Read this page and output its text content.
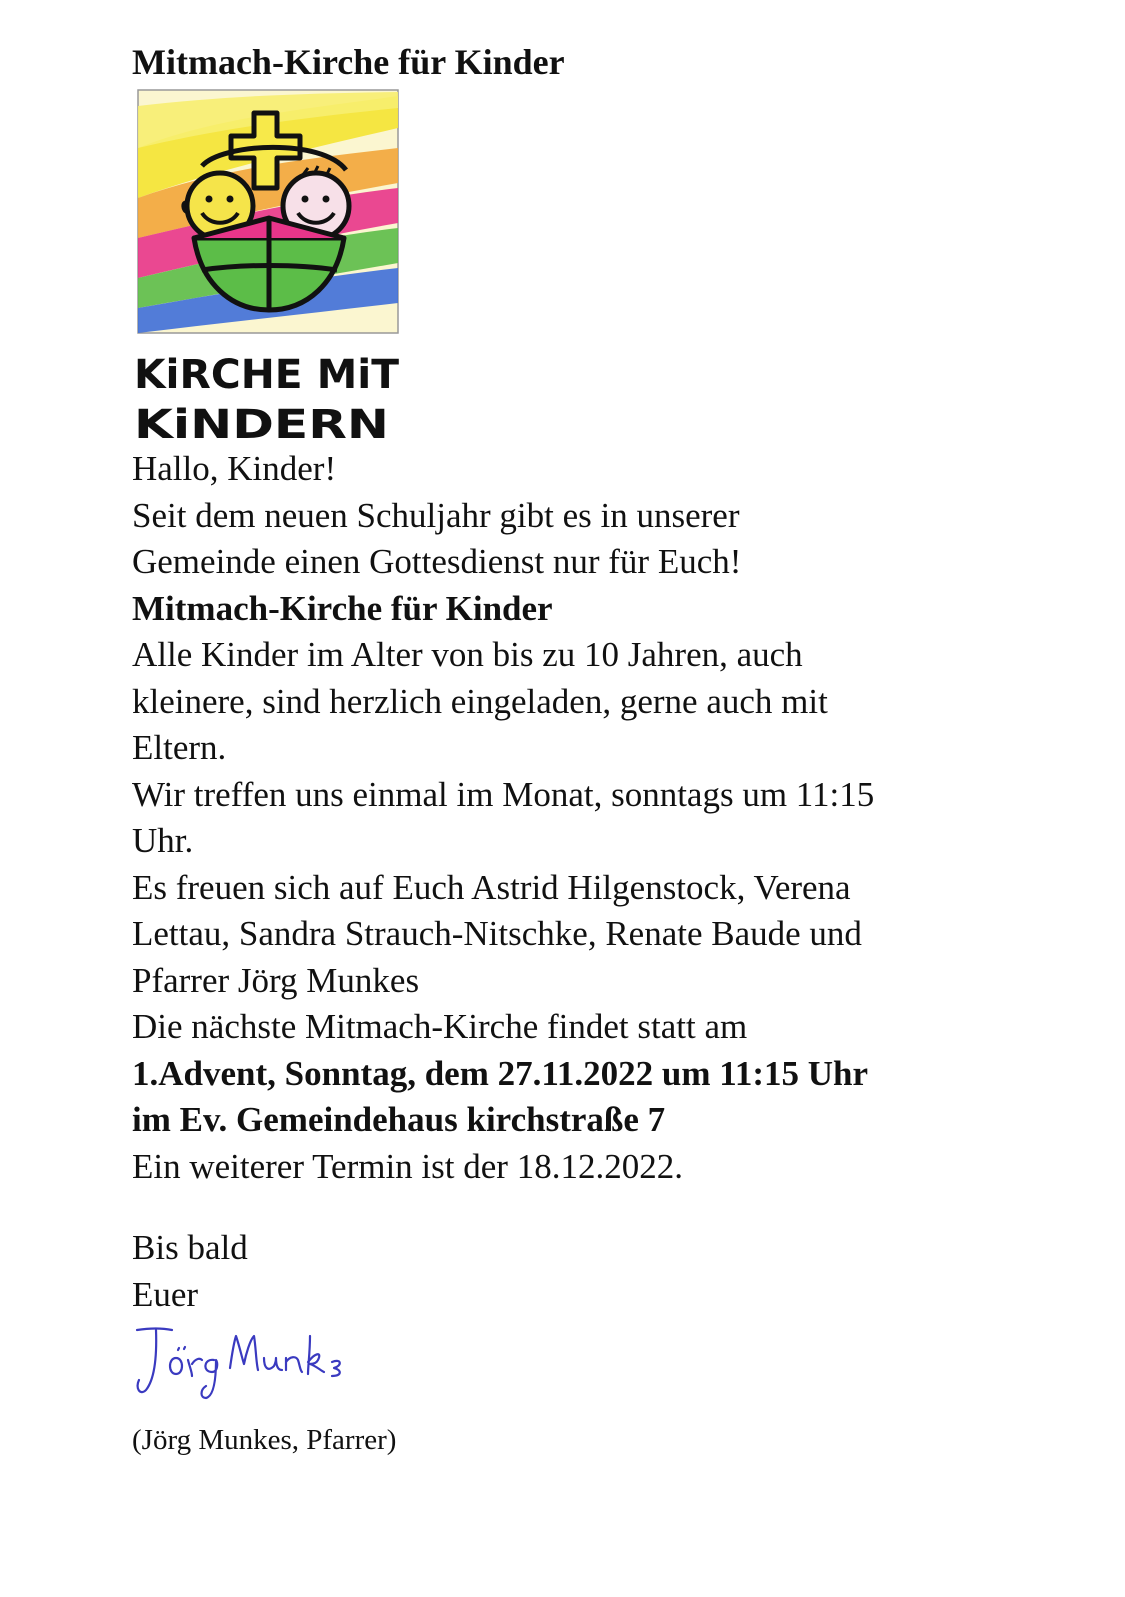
Mitmach-Kirche für Kinder
KiRCHE MiT
KiNDERN

Hallo, Kinder!

Seit dem neuen Schuljahr gibt es in unserer

Gemeinde einen Gottesdienst nur für Euch!

Mitmach-Kirche für Kinder

Alle Kinder im Alter von bis zu 10 Jahren, auch

kleinere, sind herzlich eingeladen, gerne auch mit

Eltern.

Wir treffen uns einmal im Monat, sonntags um 11:15

Uhr.

Es freuen sich auf Euch Astrid Hilgenstock, Verena

Lettau, Sandra Strauch-Nitschke, Renate Baude und

Pfarrer Jörg Munkes

Die nächste Mitmach-Kirche findet statt am

1.Advent, Sonntag, dem 27.11.2022 um 11:15 Uhr

im Ev. Gemeindehaus kirchstraße 7

Ein weiterer Termin ist der 18.12.2022.

Bis bald

Euer

(Jörg Munkes, Pfarrer)
